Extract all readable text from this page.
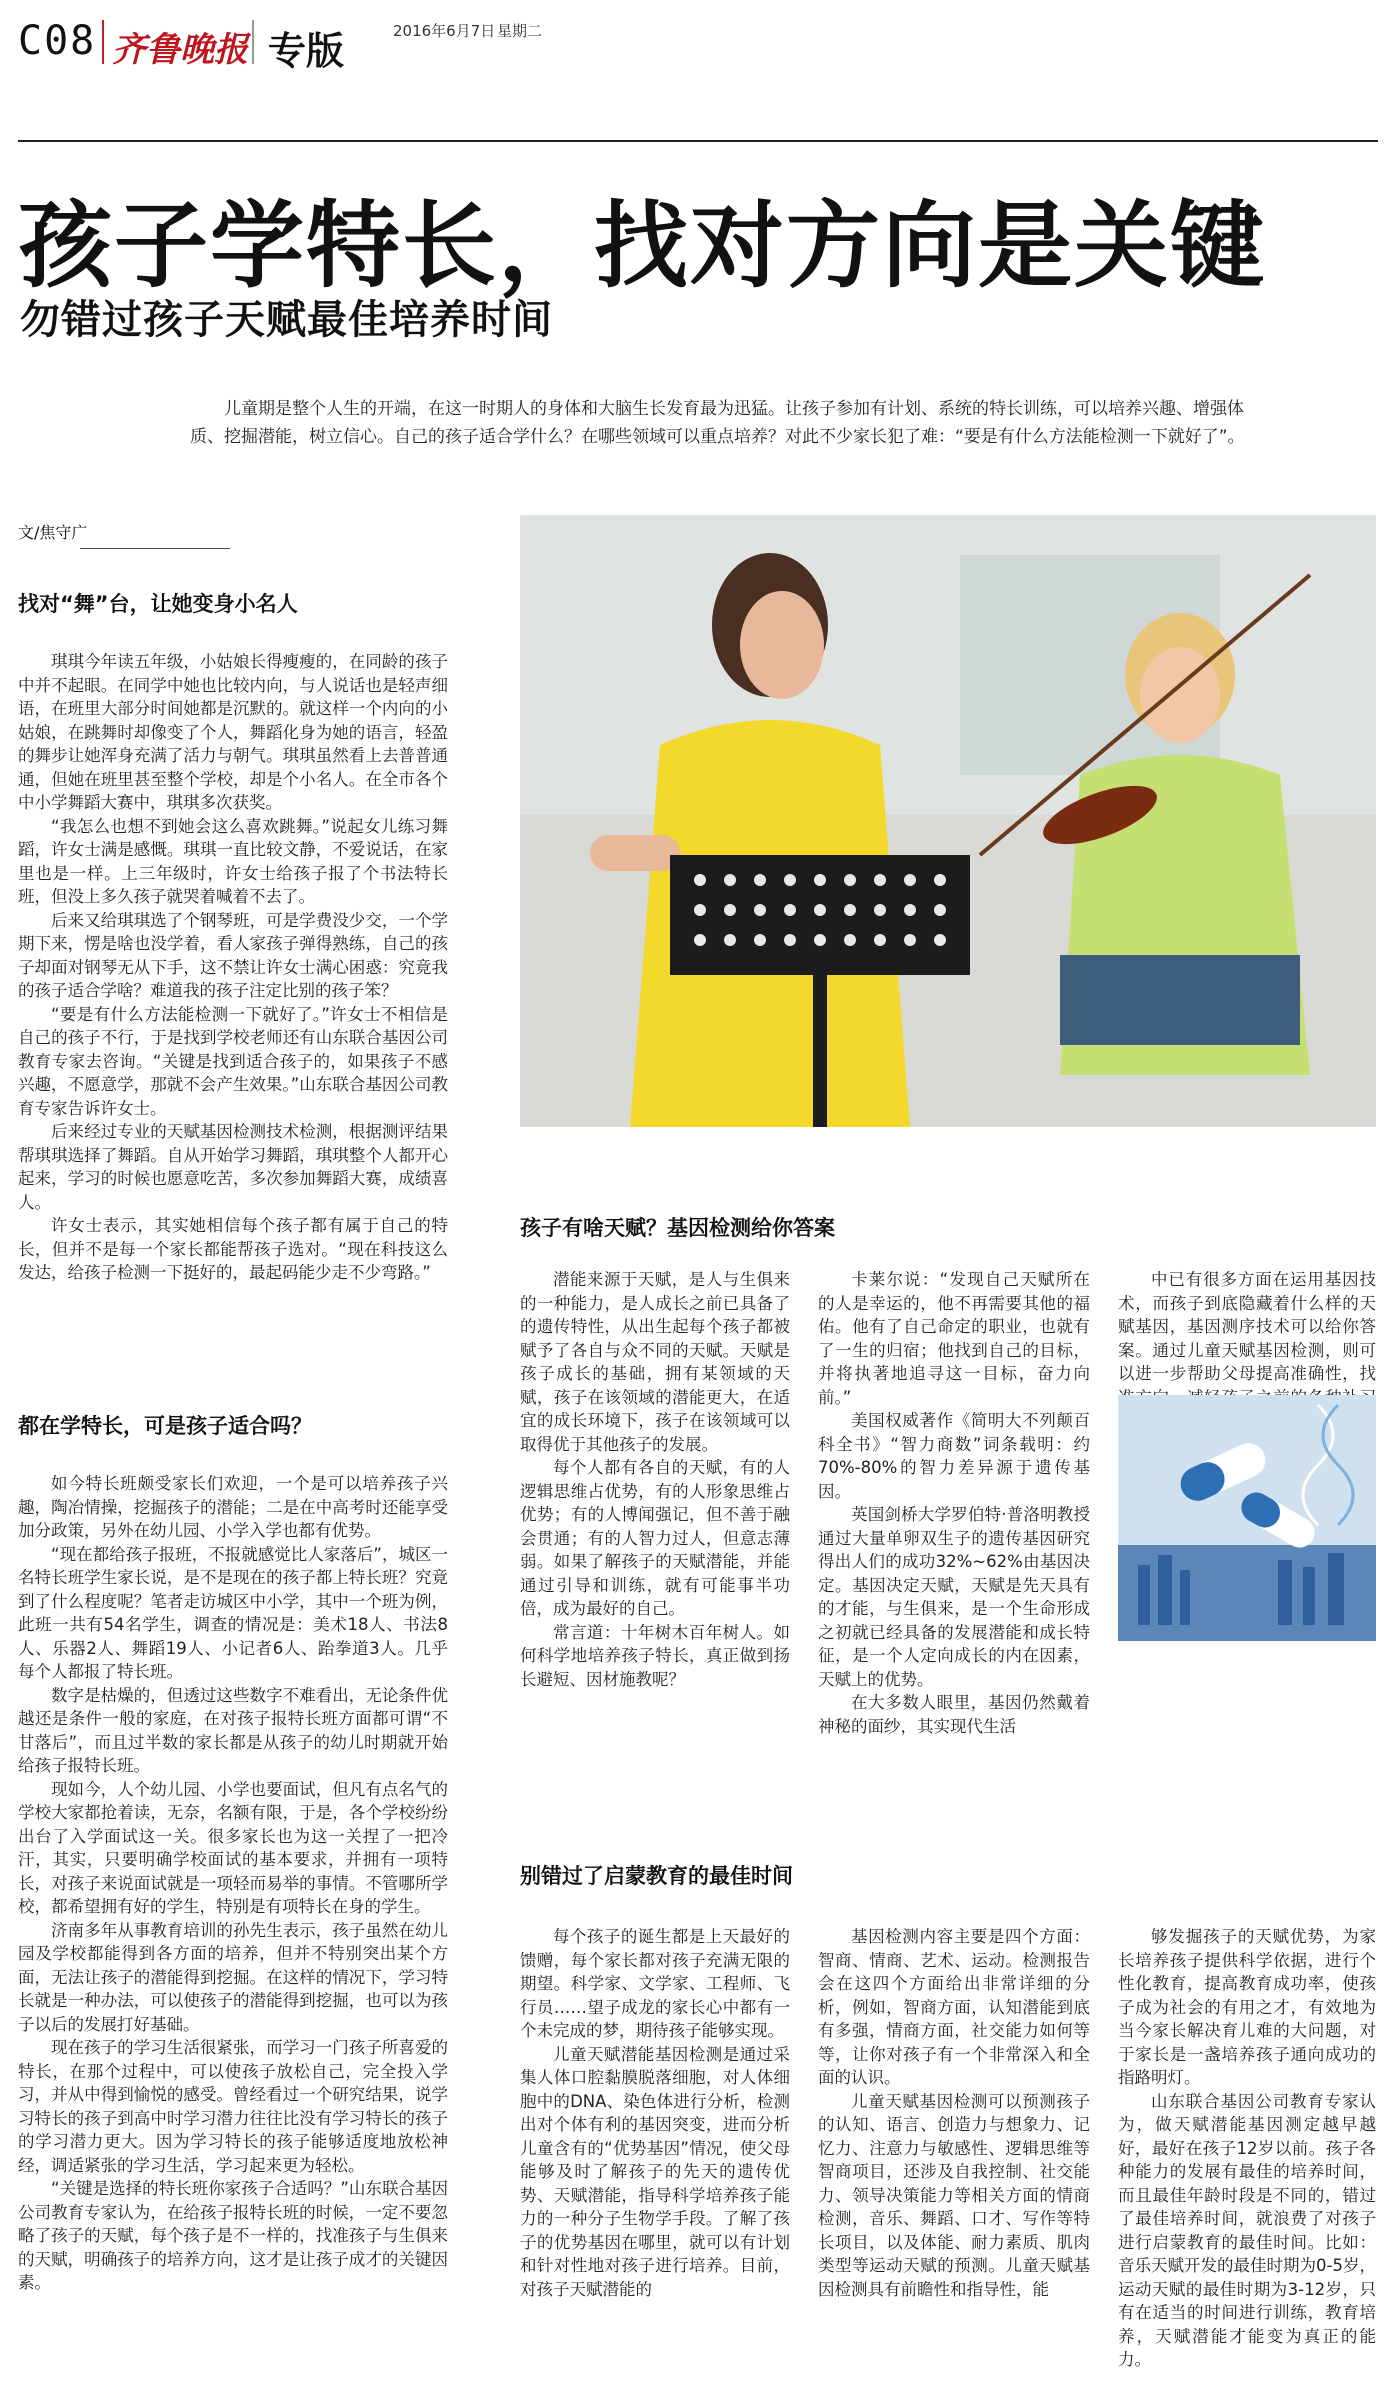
C08 齐鲁晚报 专版	2016年6月7日 星期二
孩子学特长，找对方向是关键
勿错过孩子天赋最佳培养时间
儿童期是整个人生的开端，在这一时期人的身体和大脑生长发育最为迅猛。让孩子参加有计划、系统的特长训练，可以培养兴趣、增强体质、挖掘潜能，树立信心。自己的孩子适合学什么？在哪些领域可以重点培养？对此不少家长犯了难：“要是有什么方法能检测一下就好了”。
文/焦守广
找对“舞”台，让她变身小名人

琪琪今年读五年级，小姑娘长得瘦瘦的，在同龄的孩子中并不起眼。在同学中她也比较内向，与人说话也是轻声细语，在班里大部分时间她都是沉默的。就这样一个内向的小姑娘，在跳舞时却像变了个人，舞蹈化身为她的语言，轻盈的舞步让她浑身充满了活力与朝气。琪琪虽然看上去普普通通，但她在班里甚至整个学校，却是个小名人。在全市各个中小学舞蹈大赛中，琪琪多次获奖。

“我怎么也想不到她会这么喜欢跳舞。”说起女儿练习舞蹈，许女士满是感慨。琪琪一直比较文静，不爱说话，在家里也是一样。上三年级时，许女士给孩子报了个书法特长班，但没上多久孩子就哭着喊着不去了。

后来又给琪琪选了个钢琴班，可是学费没少交，一个学期下来，愣是啥也没学着，看人家孩子弹得熟练，自己的孩子却面对钢琴无从下手，这不禁让许女士满心困惑：究竟我的孩子适合学啥？难道我的孩子注定比别的孩子笨？

“要是有什么方法能检测一下就好了。”许女士不相信是自己的孩子不行，于是找到学校老师还有山东联合基因公司教育专家去咨询。“关键是找到适合孩子的，如果孩子不感兴趣，不愿意学，那就不会产生效果。”山东联合基因公司教育专家告诉许女士。

后来经过专业的天赋基因检测技术检测，根据测评结果帮琪琪选择了舞蹈。自从开始学习舞蹈，琪琪整个人都开心起来，学习的时候也愿意吃苦，多次参加舞蹈大赛，成绩喜人。

许女士表示，其实她相信每个孩子都有属于自己的特长，但并不是每一个家长都能帮孩子选对。“现在科技这么发达，给孩子检测一下挺好的，最起码能少走不少弯路。”

都在学特长，可是孩子适合吗？

如今特长班颇受家长们欢迎，一个是可以培养孩子兴趣，陶冶情操，挖掘孩子的潜能；二是在中高考时还能享受加分政策，另外在幼儿园、小学入学也都有优势。

“现在都给孩子报班，不报就感觉比人家落后”，城区一名特长班学生家长说，是不是现在的孩子都上特长班？究竟到了什么程度呢？笔者走访城区中小学，其中一个班为例，此班一共有54名学生，调查的情况是：美术18人、书法8人、乐器2人、舞蹈19人、小记者6人、跆拳道3人。几乎每个人都报了特长班。

数字是枯燥的，但透过这些数字不难看出，无论条件优越还是条件一般的家庭，在对孩子报特长班方面都可谓“不甘落后”，而且过半数的家长都是从孩子的幼儿时期就开始给孩子报特长班。

现如今，人个幼儿园、小学也要面试，但凡有点名气的学校大家都抢着读，无奈，名额有限，于是，各个学校纷纷出台了入学面试这一关。很多家长也为这一关捏了一把冷汗，其实，只要明确学校面试的基本要求，并拥有一项特长，对孩子来说面试就是一项轻而易举的事情。不管哪所学校，都希望拥有好的学生，特别是有项特长在身的学生。

济南多年从事教育培训的孙先生表示，孩子虽然在幼儿园及学校都能得到各方面的培养，但并不特别突出某个方面，无法让孩子的潜能得到挖掘。在这样的情况下，学习特长就是一种办法，可以使孩子的潜能得到挖掘，也可以为孩子以后的发展打好基础。

现在孩子的学习生活很紧张，而学习一门孩子所喜爱的特长，在那个过程中，可以使孩子放松自己，完全投入学习，并从中得到愉悦的感受。曾经看过一个研究结果，说学习特长的孩子到高中时学习潜力往往比没有学习特长的孩子的学习潜力更大。因为学习特长的孩子能够适度地放松神经，调适紧张的学习生活，学习起来更为轻松。

“关键是选择的特长班你家孩子合适吗？”山东联合基因公司教育专家认为，在给孩子报特长班的时候，一定不要忽略了孩子的天赋，每个孩子是不一样的，找准孩子与生俱来的天赋，明确孩子的培养方向，这才是让孩子成才的关键因素。

孩子有啥天赋？基因检测给你答案

潜能来源于天赋，是人与生俱来的一种能力，是人成长之前已具备了的遗传特性，从出生起每个孩子都被赋予了各自与众不同的天赋。天赋是孩子成长的基础，拥有某领域的天赋，孩子在该领域的潜能更大，在适宜的成长环境下，孩子在该领域可以取得优于其他孩子的发展。

每个人都有各自的天赋，有的人逻辑思维占优势，有的人形象思维占优势；有的人博闻强记，但不善于融会贯通；有的人智力过人，但意志薄弱。如果了解孩子的天赋潜能，并能通过引导和训练，就有可能事半功倍，成为最好的自己。

常言道：十年树木百年树人。如何科学地培养孩子特长，真正做到扬长避短、因材施教呢？

卡莱尔说：“发现自己天赋所在的人是幸运的，他不再需要其他的福佑。他有了自己命定的职业，也就有了一生的归宿；他找到自己的目标，并将执著地追寻这一目标，奋力向前。”

美国权威著作《简明大不列颠百科全书》“智力商数”词条载明：约70%-80%的智力差异源于遗传基因。

英国剑桥大学罗伯特·普洛明教授通过大量单卵双生子的遗传基因研究得出人们的成功32%~62%由基因决定。基因决定天赋，天赋是先天具有的才能，与生俱来，是一个生命形成之初就已经具备的发展潜能和成长特征，是一个人定向成长的内在因素，天赋上的优势。

在大多数人眼里，基因仍然戴着神秘的面纱，其实现代生活

中已有很多方面在运用基因技术，而孩子到底隐藏着什么样的天赋基因，基因测序技术可以给你答案。通过儿童天赋基因检测，则可以进一步帮助父母提高准确性，找

别错过了启蒙教育的最佳时间

每个孩子的诞生都是上天最好的馈赠，每个家长都对孩子充满无限的期望。科学家、文学家、工程师、飞行员……望子成龙的家长心中都有一个未完成的梦，期待孩子能够实现。

儿童天赋潜能基因检测是通过采集人体口腔黏膜脱落细胞，对人体细胞中的DNA、染色体进行分析，检测出对个体有利的基因突变，进而分析儿童含有的“优势基因”情况，使父母能够及时了解孩子的先天的遗传优势、天赋潜能，指导科学培养孩子能力的一种分子生物学手段。了解了孩子的优势基因在哪里，就可以有计划和针对性地对孩子进行培养。目前，对孩子天赋潜能的

基因检测内容主要是四个方面：智商、情商、艺术、运动。检测报告会在这四个方面给出非常详细的分析，例如，智商方面，认知潜能到底有多强，情商方面，社交能力如何等等，让你对孩子有一个非常深入和全面的认识。

儿童天赋基因检测可以预测孩子的认知、语言、创造力与想象力、记忆力、注意力与敏感性、逻辑思维等智商项目，还涉及自我控制、社交能力、领导决策能力等相关方面的情商检测，音乐、舞蹈、口才、写作等特长项目，以及体能、耐力素质、肌肉类型等运动天赋的预测。儿童天赋基因检测具有前瞻性和指导性，能

够发掘孩子的天赋优势，为家长培养孩子提供科学依据，进行个性化教育，提高教育成功率，使孩子成为社会的有用之才，有效地为当今家长解决育儿难的大问题，对于家长是一盏培养孩子通向成功的指路明灯。

山东联合基因公司教育专家认为，做天赋潜能基因测定越早越好，最好在孩子12岁以前。孩子各种能力的发展有最佳的培养时间，而且最佳年龄时段是不同的，错过了最佳培养时间，就浪费了对孩子进行启蒙教育的最佳时间。比如：音乐天赋开发的最佳时期为0-5岁，运动天赋的最佳时期为3-12岁，只有在适当的时间进行训练，教育培养，天赋潜能才能变为真正的能力。
